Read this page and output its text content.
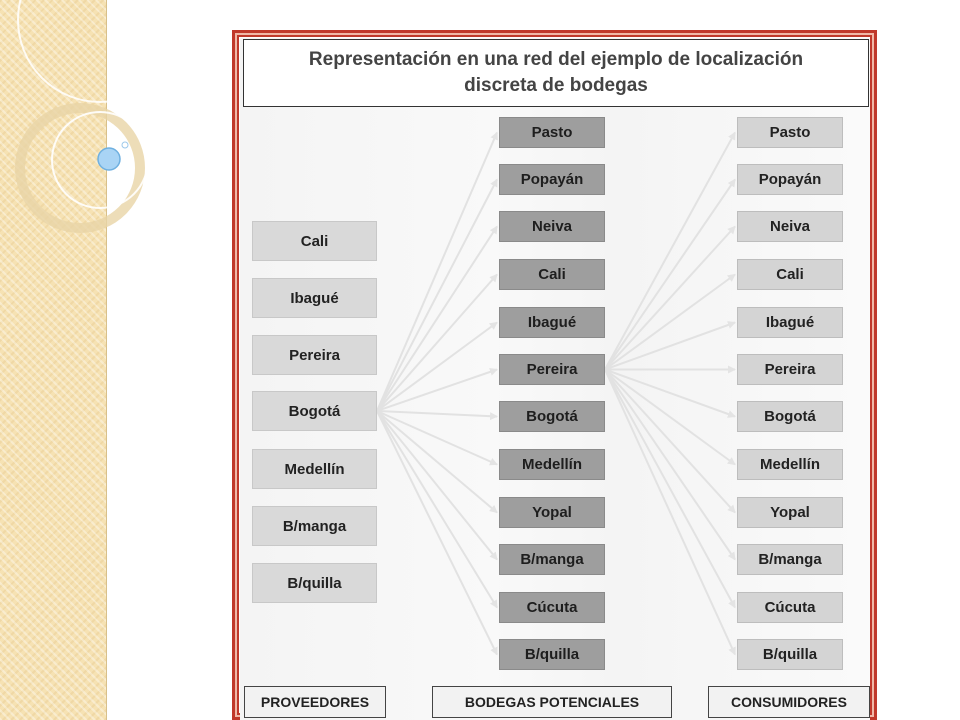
Representación en una red del ejemplo de localización
discreta de bodegas
Cali
Ibagué
Pereira
Bogotá
Medellín
B/manga
B/quilla
Pasto
Popayán
Neiva
Cali
Ibagué
Pereira
Bogotá
Medellín
Yopal
B/manga
Cúcuta
B/quilla
Pasto
Popayán
Neiva
Cali
Ibagué
Pereira
Bogotá
Medellín
Yopal
B/manga
Cúcuta
B/quilla
PROVEEDORES	BODEGAS POTENCIALES	CONSUMIDORES
